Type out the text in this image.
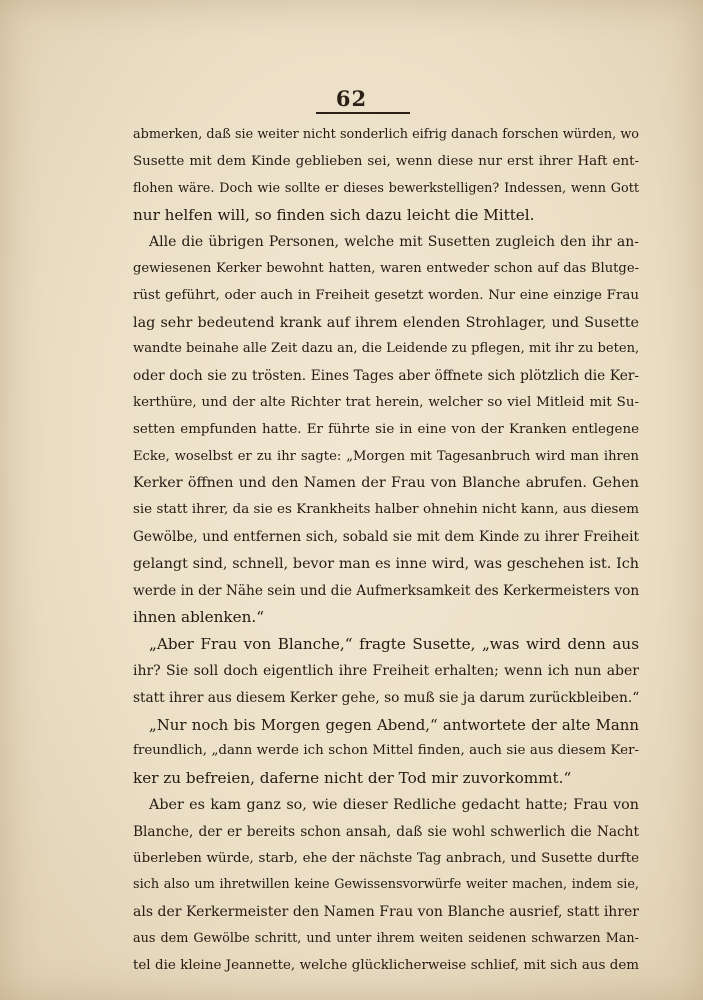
62
abmerken, daß sie weiter nicht sonderlich eifrig danach forschen würden, wo
Susette mit dem Kinde geblieben sei, wenn diese nur erst ihrer Haft ent-
flohen wäre. Doch wie sollte er dieses bewerkstelligen? Indessen, wenn Gott
nur helfen will, so finden sich dazu leicht die Mittel.
Alle die übrigen Personen, welche mit Susetten zugleich den ihr an-
gewiesenen Kerker bewohnt hatten, waren entweder schon auf das Blutge-
rüst geführt, oder auch in Freiheit gesetzt worden. Nur eine einzige Frau
lag sehr bedeutend krank auf ihrem elenden Strohlager, und Susette
wandte beinahe alle Zeit dazu an, die Leidende zu pflegen, mit ihr zu beten,
oder doch sie zu trösten. Eines Tages aber öffnete sich plötzlich die Ker-
kerthüre, und der alte Richter trat herein, welcher so viel Mitleid mit Su-
setten empfunden hatte. Er führte sie in eine von der Kranken entlegene
Ecke, woselbst er zu ihr sagte: „Morgen mit Tagesanbruch wird man ihren
Kerker öffnen und den Namen der Frau von Blanche abrufen. Gehen
sie statt ihrer, da sie es Krankheits halber ohnehin nicht kann, aus diesem
Gewölbe, und entfernen sich, sobald sie mit dem Kinde zu ihrer Freiheit
gelangt sind, schnell, bevor man es inne wird, was geschehen ist. Ich
werde in der Nähe sein und die Aufmerksamkeit des Kerkermeisters von
ihnen ablenken.“
„Aber Frau von Blanche,“ fragte Susette, „was wird denn aus
ihr? Sie soll doch eigentlich ihre Freiheit erhalten; wenn ich nun aber
statt ihrer aus diesem Kerker gehe, so muß sie ja darum zurückbleiben.“
„Nur noch bis Morgen gegen Abend,“ antwortete der alte Mann
freundlich, „dann werde ich schon Mittel finden, auch sie aus diesem Ker-
ker zu befreien, daferne nicht der Tod mir zuvorkommt.“
Aber es kam ganz so, wie dieser Redliche gedacht hatte; Frau von
Blanche, der er bereits schon ansah, daß sie wohl schwerlich die Nacht
überleben würde, starb, ehe der nächste Tag anbrach, und Susette durfte
sich also um ihretwillen keine Gewissensvorwürfe weiter machen, indem sie,
als der Kerkermeister den Namen Frau von Blanche ausrief, statt ihrer
aus dem Gewölbe schritt, und unter ihrem weiten seidenen schwarzen Man-
tel die kleine Jeannette, welche glücklicherweise schlief, mit sich aus dem
